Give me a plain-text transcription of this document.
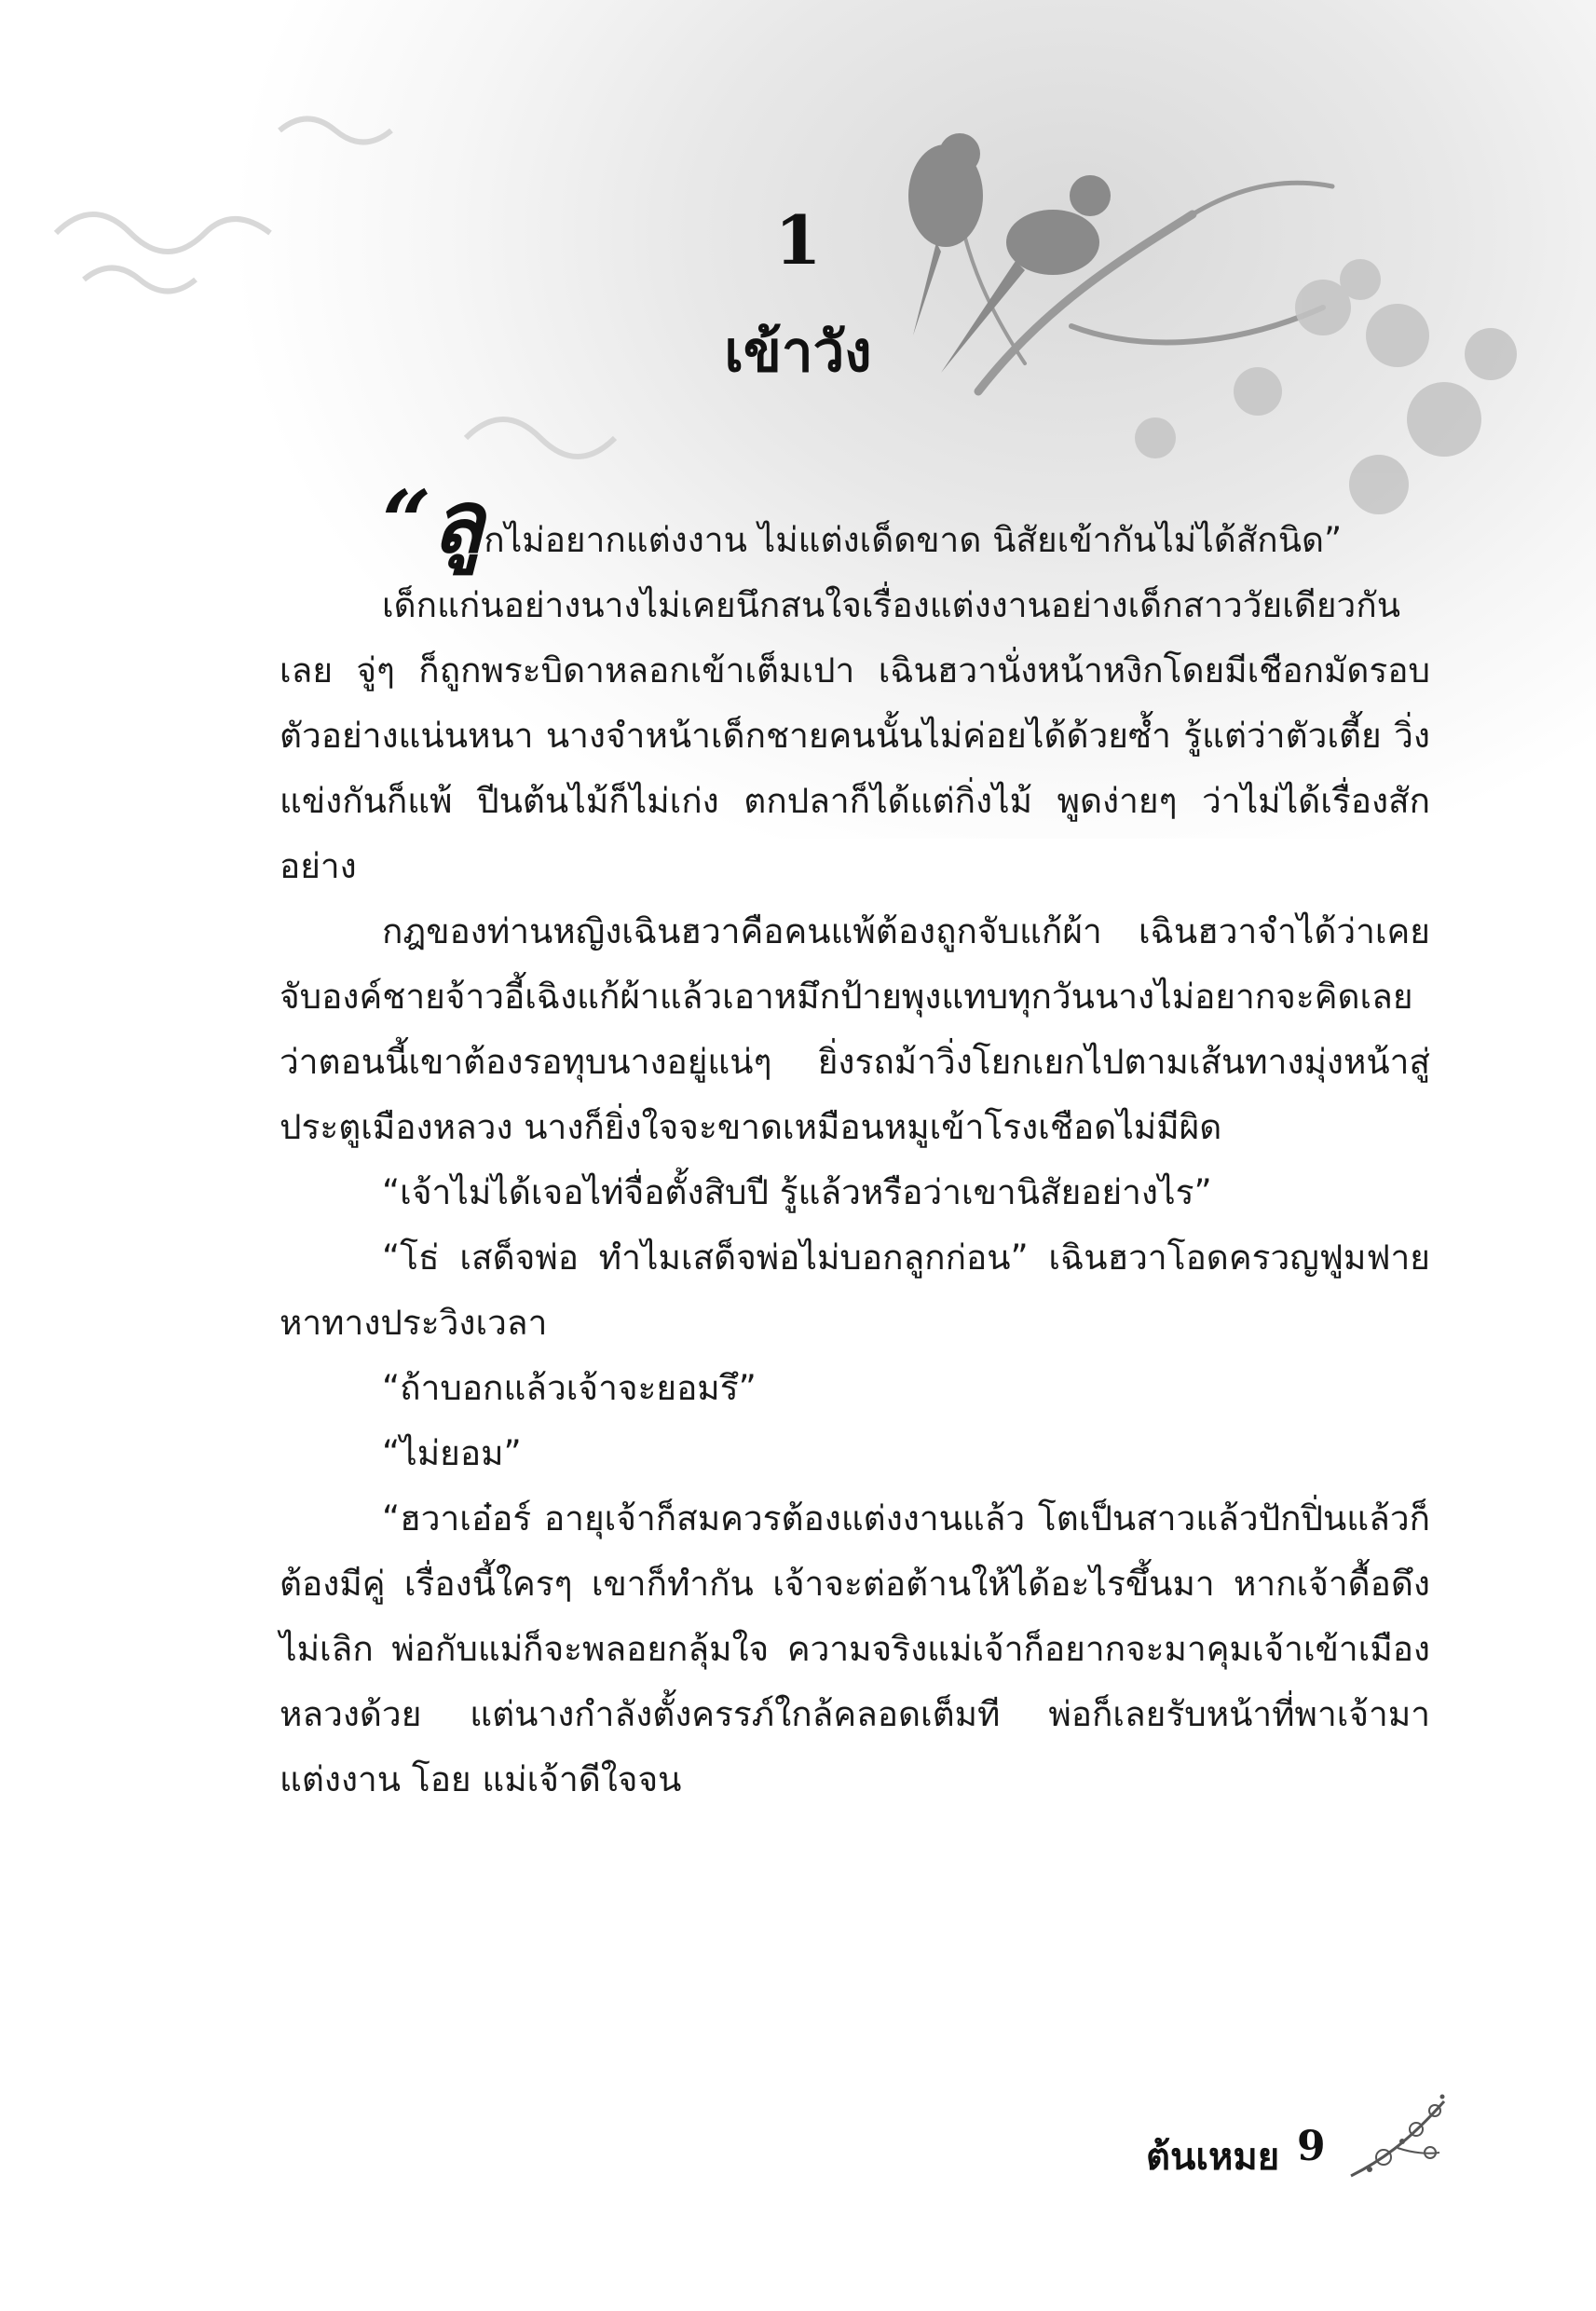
1
เข้าวัง

“ลูกไม่อยากแต่งงาน ไม่แต่งเด็ดขาด นิสัยเข้ากันไม่ได้สักนิด”

เด็กแก่นอย่างนางไม่เคยนึกสนใจเรื่องแต่งงานอย่างเด็กสาววัยเดียวกันเลย จู่ๆ ก็ถูกพระบิดาหลอกเข้าเต็มเปา เฉินฮวานั่งหน้าหงิกโดยมีเชือกมัดรอบตัวอย่างแน่นหนา นางจำหน้าเด็กชายคนนั้นไม่ค่อยได้ด้วยซ้ำ รู้แต่ว่าตัวเตี้ย วิ่งแข่งกันก็แพ้ ปีนต้นไม้ก็ไม่เก่ง ตกปลาก็ได้แต่กิ่งไม้ พูดง่ายๆ ว่าไม่ได้เรื่องสักอย่าง

กฎของท่านหญิงเฉินฮวาคือคนแพ้ต้องถูกจับแก้ผ้า เฉินฮวาจำได้ว่าเคยจับองค์ชายจ้าวอี้เฉิงแก้ผ้าแล้วเอาหมึกป้ายพุงแทบทุกวันนางไม่อยากจะคิดเลยว่าตอนนี้เขาต้องรอทุบนางอยู่แน่ๆ ยิ่งรถม้าวิ่งโยกเยกไปตามเส้นทางมุ่งหน้าสู่ประตูเมืองหลวง นางก็ยิ่งใจจะขาดเหมือนหมูเข้าโรงเชือดไม่มีผิด

“เจ้าไม่ได้เจอไท่จื่อตั้งสิบปี รู้แล้วหรือว่าเขานิสัยอย่างไร”

“โธ่ เสด็จพ่อ ทำไมเสด็จพ่อไม่บอกลูกก่อน” เฉินฮวาโอดครวญฟูมฟาย หาทางประวิงเวลา

“ถ้าบอกแล้วเจ้าจะยอมรึ”

“ไม่ยอม”

“ฮวาเอ๋อร์ อายุเจ้าก็สมควรต้องแต่งงานแล้ว โตเป็นสาวแล้วปักปิ่นแล้วก็ต้องมีคู่ เรื่องนี้ใครๆ เขาก็ทำกัน เจ้าจะต่อต้านให้ได้อะไรขึ้นมา หากเจ้าดื้อดึงไม่เลิก พ่อกับแม่ก็จะพลอยกลุ้มใจ ความจริงแม่เจ้าก็อยากจะมาคุมเจ้าเข้าเมืองหลวงด้วย แต่นางกำลังตั้งครรภ์ใกล้คลอดเต็มที พ่อก็เลยรับหน้าที่พาเจ้ามาแต่งงาน โอย แม่เจ้าดีใจจน

ต้นเหมย 9
